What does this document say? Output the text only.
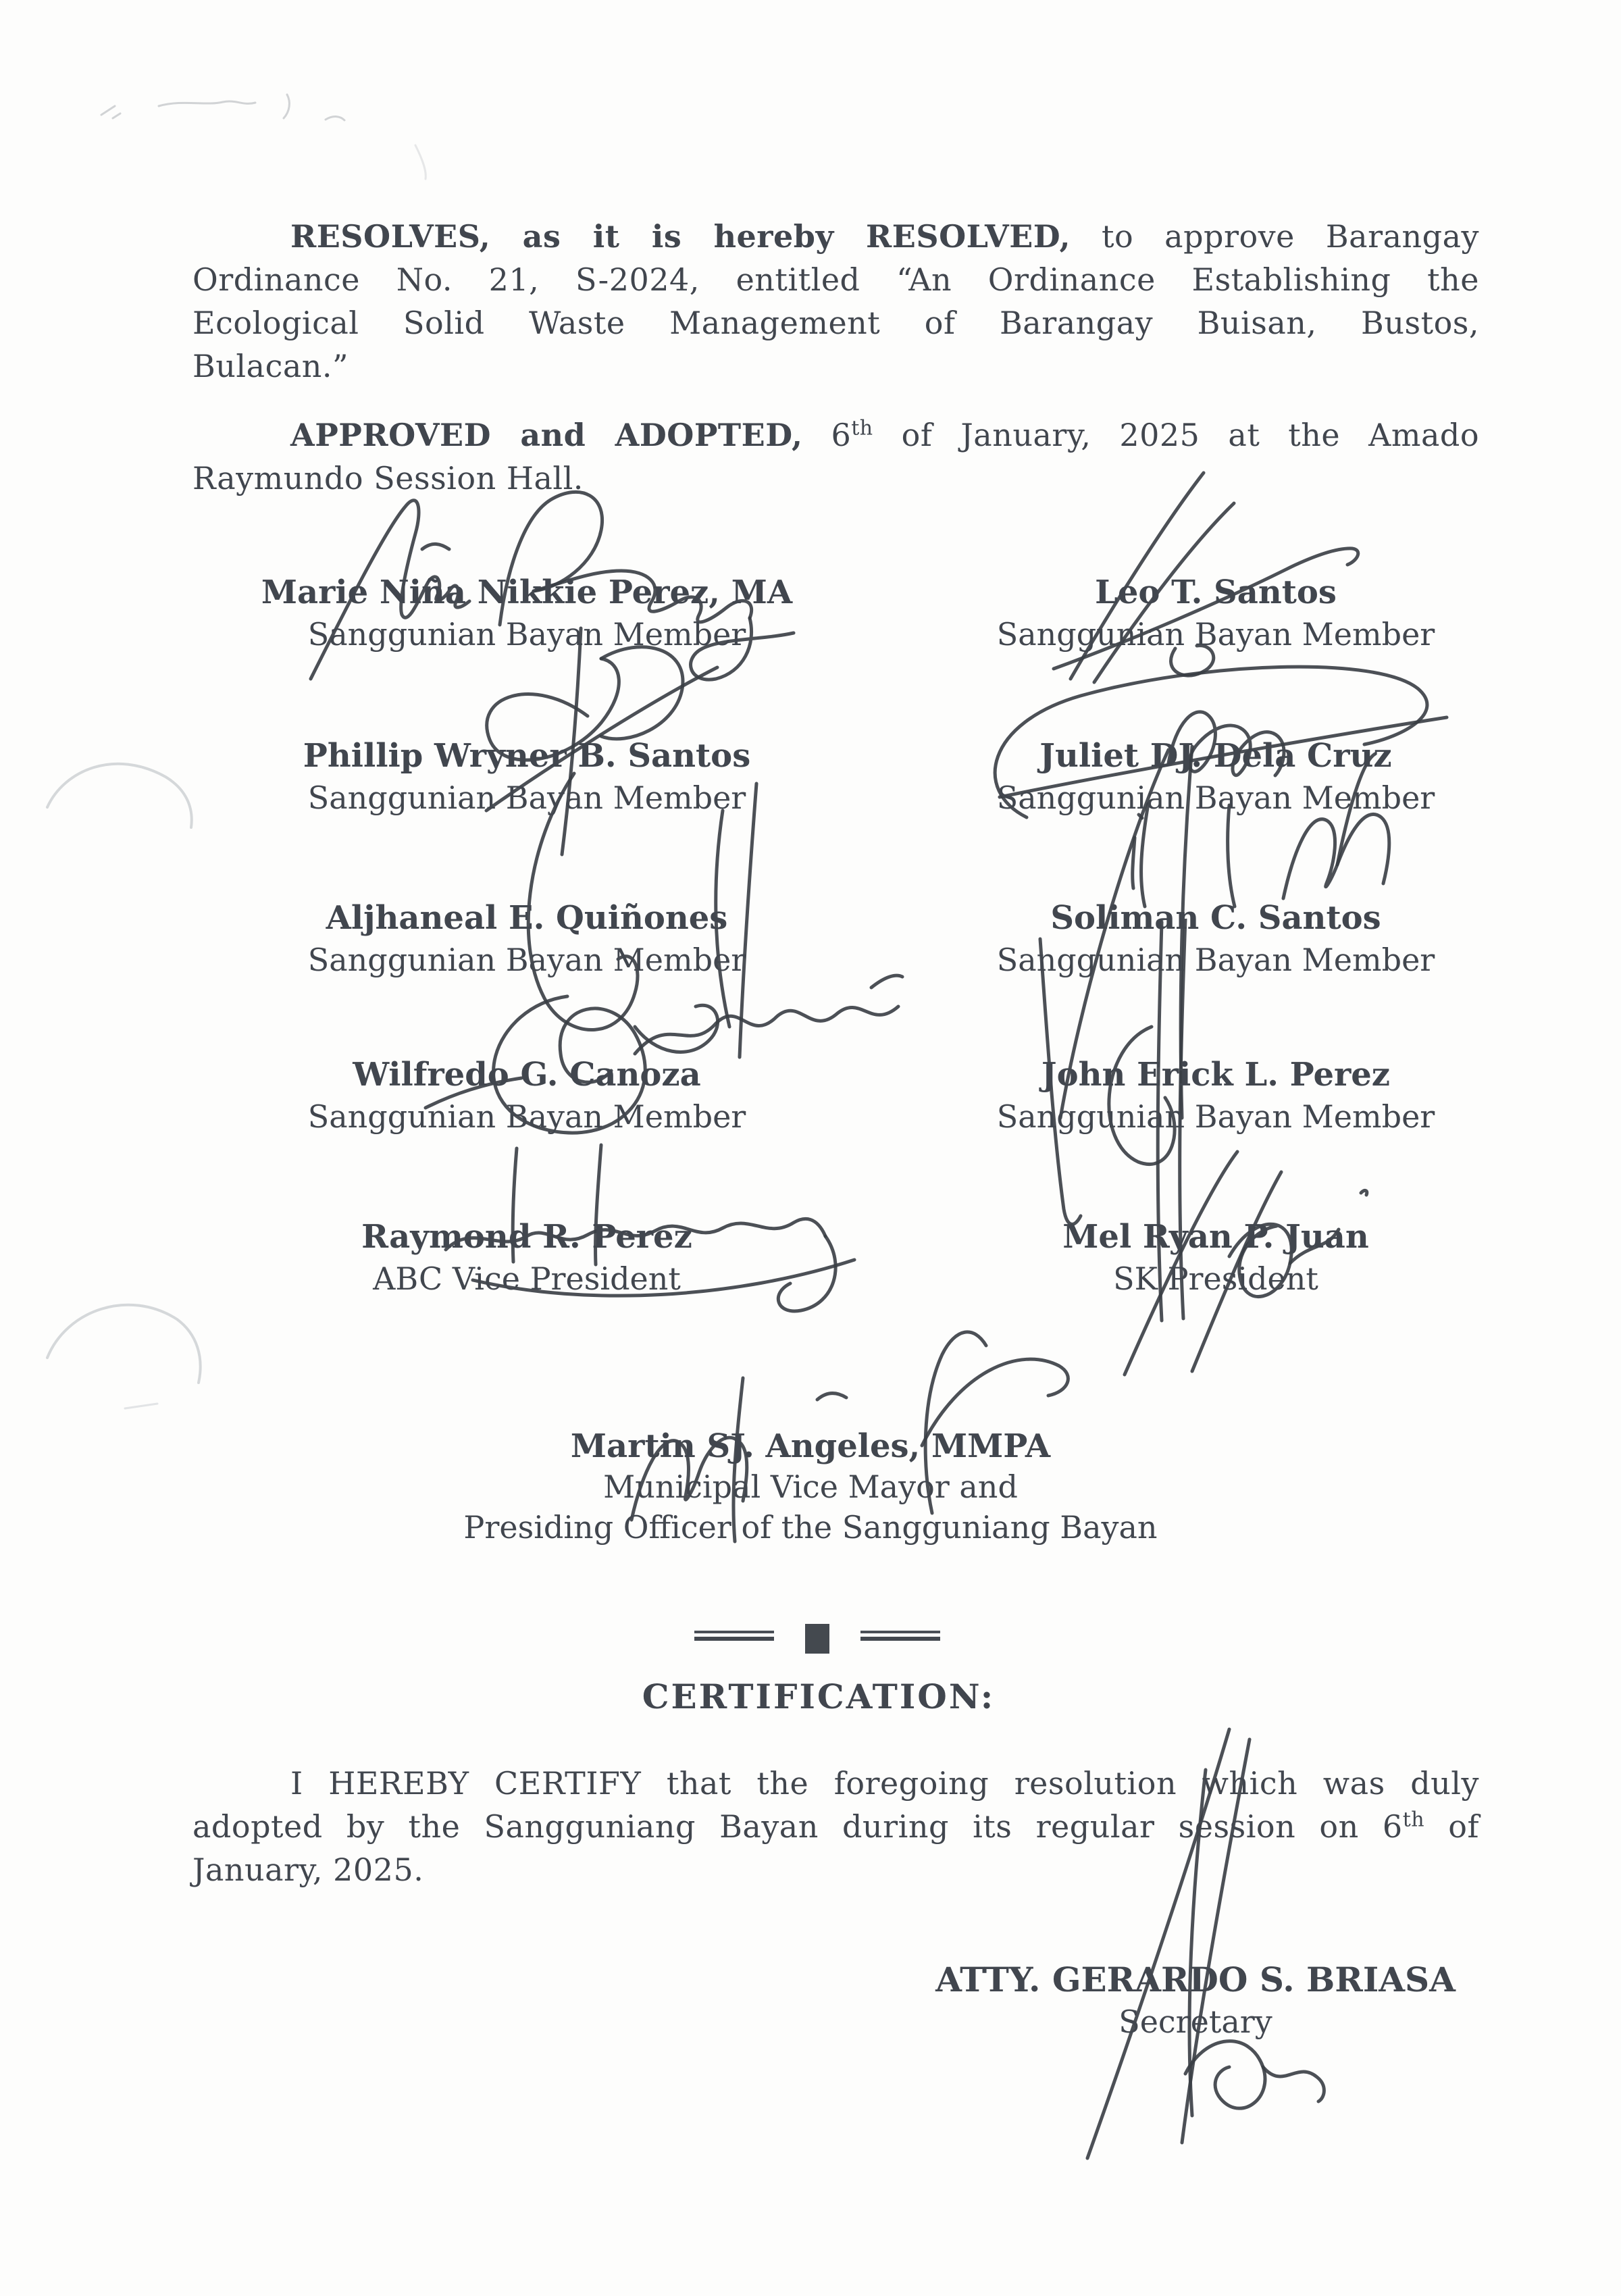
RESOLVES, as it is hereby RESOLVED, to approve Barangay
Ordinance No. 21, S-2024, entitled “An Ordinance Establishing the
Ecological Solid Waste Management of Barangay Buisan, Bustos,
Bulacan.”

APPROVED and ADOPTED, 6th of January, 2025 at the Amado
Raymundo Session Hall.

Marie Niña Nikkie Perez, MA
Sanggunian Bayan Member
Phillip Wryner B. Santos
Sanggunian Bayan Member
Aljhaneal E. Quiñones
Sanggunian Bayan Member
Wilfredo G. Canoza
Sanggunian Bayan Member
Raymond R. Perez
ABC Vice President
Leo T. Santos
Sanggunian Bayan Member
Juliet DJ. Dela Cruz
Sanggunian Bayan Member
Soliman C. Santos
Sanggunian Bayan Member
John Erick L. Perez
Sanggunian Bayan Member
Mel Ryan P. Juan
SK President
Martin SJ. Angeles, MMPA
Municipal Vice Mayor and
Presiding Officer of the Sangguniang Bayan
CERTIFICATION:

I HEREBY CERTIFY that the foregoing resolution which was duly
adopted by the Sangguniang Bayan during its regular session on 6th of
January, 2025.

ATTY. GERARDO S. BRIASA
Secretary
